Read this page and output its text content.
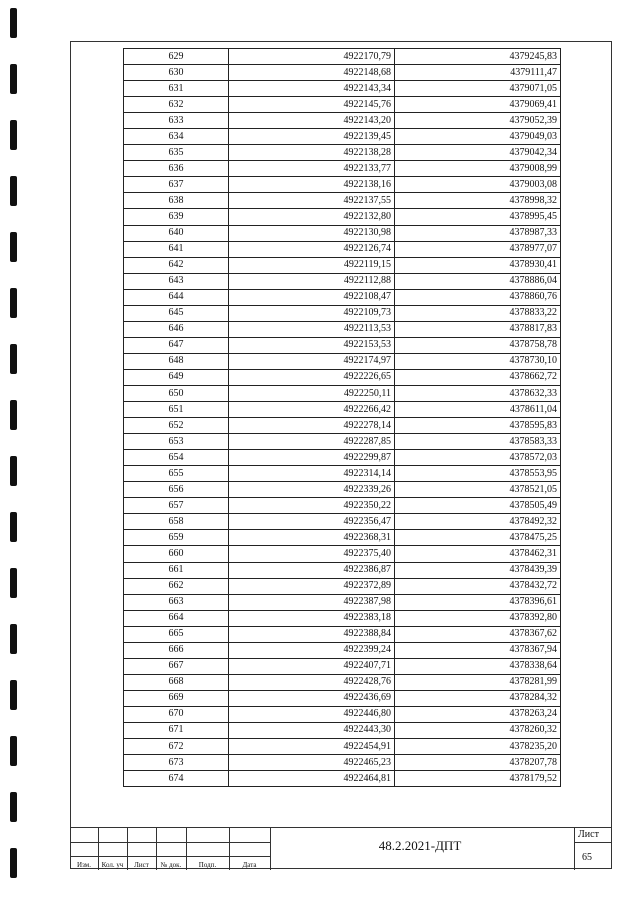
629	4922170,79	4379245,83
630	4922148,68	4379111,47
631	4922143,34	4379071,05
632	4922145,76	4379069,41
633	4922143,20	4379052,39
634	4922139,45	4379049,03
635	4922138,28	4379042,34
636	4922133,77	4379008,99
637	4922138,16	4379003,08
638	4922137,55	4378998,32
639	4922132,80	4378995,45
640	4922130,98	4378987,33
641	4922126,74	4378977,07
642	4922119,15	4378930,41
643	4922112,88	4378886,04
644	4922108,47	4378860,76
645	4922109,73	4378833,22
646	4922113,53	4378817,83
647	4922153,53	4378758,78
648	4922174,97	4378730,10
649	4922226,65	4378662,72
650	4922250,11	4378632,33
651	4922266,42	4378611,04
652	4922278,14	4378595,83
653	4922287,85	4378583,33
654	4922299,87	4378572,03
655	4922314,14	4378553,95
656	4922339,26	4378521,05
657	4922350,22	4378505,49
658	4922356,47	4378492,32
659	4922368,31	4378475,25
660	4922375,40	4378462,31
661	4922386,87	4378439,39
662	4922372,89	4378432,72
663	4922387,98	4378396,61
664	4922383,18	4378392,80
665	4922388,84	4378367,62
666	4922399,24	4378367,94
667	4922407,71	4378338,64
668	4922428,76	4378281,99
669	4922436,69	4378284,32
670	4922446,80	4378263,24
671	4922443,30	4378260,32
672	4922454,91	4378235,20
673	4922465,23	4378207,78
674	4922464,81	4378179,52
Изм.	Кол. уч	Лист	№ док.	Подп.	Дата
48.2.2021-ДПТ
Лист
65
